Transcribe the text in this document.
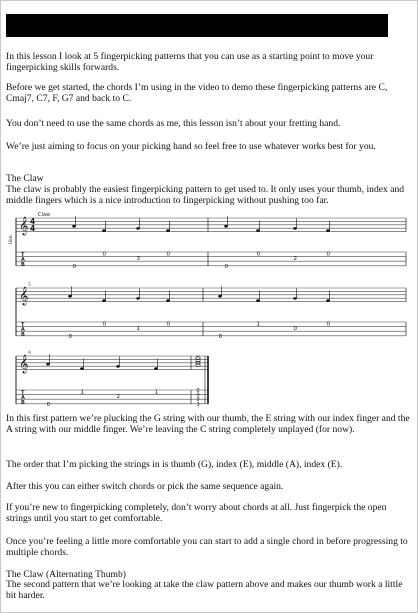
In this lesson I look at 5 fingerpicking patterns that you can use as a starting point to move your fingerpicking skills forwards.

Before we get started, the chords I’m using in the video to demo these fingerpicking patterns are C, Cmaj7, C7, F, G7 and back to C.

You don’t need to use the same chords as me, this lesson isn’t about your fretting hand.

We’re just aiming to focus on your picking hand so feel free to use whatever works best for you.

The Claw

The claw is probably the easiest fingerpicking pattern to get used to. It only uses your thumb, index and middle fingers which is a nice introduction to fingerpicking without pushing too far.

𝄞
T
A
B
4
4
Claw
Uke.
0
0
3
0
0
0
2
0
𝄞
T
A
B
5
0
0
1
0
0
1
0
0
𝄞
T
A
B
9
0
1
2
1	0
0
0
3

In this first pattern we’re plucking the G string with our thumb, the E string with our index finger and the A string with our middle finger. We’re leaving the C string completely unplayed (for now).

The order that I’m picking the strings in is thumb (G), index (E), middle (A), index (E).

After this you can either switch chords or pick the same sequence again.

If you’re new to fingerpicking completely, don’t worry about chords at all. Just fingerpick the open strings until you start to get comfortable.

Once you’re feeling a little more comfortable you can start to add a single chord in before progressing to multiple chords.

The Claw (Alternating Thumb)

The second pattern that we’re looking at take the claw pattern above and makes our thumb work a little bit harder.
